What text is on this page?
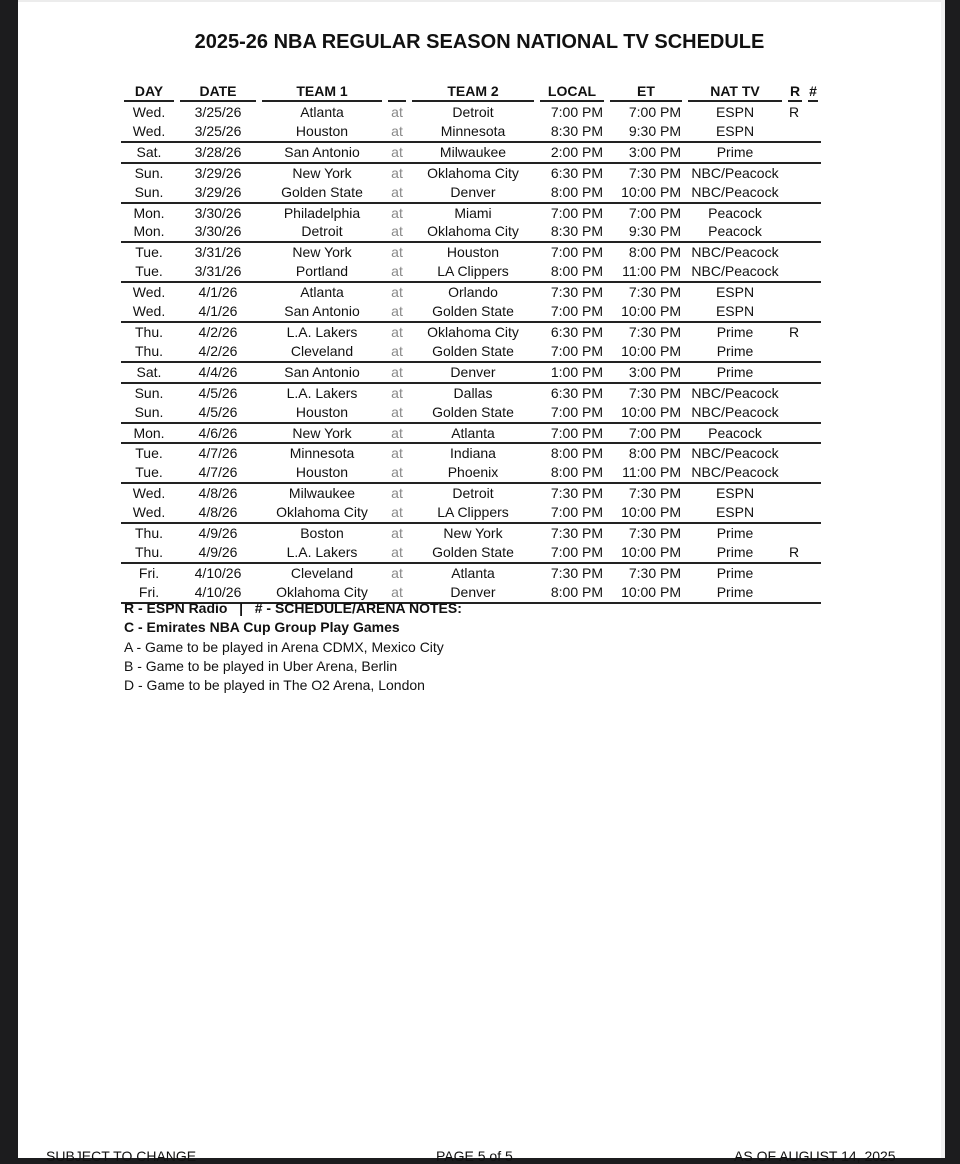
2025-26 NBA REGULAR SEASON NATIONAL TV SCHEDULE
DAY	DATE	TEAM 1		TEAM 2	LOCAL	ET	NAT TV	R	#

Wed.	3/25/26	Atlanta	at	Detroit	7:00 PM	7:00 PM	ESPN	R	
Wed.	3/25/26	Houston	at	Minnesota	8:30 PM	9:30 PM	ESPN		
Sat.	3/28/26	San Antonio	at	Milwaukee	2:00 PM	3:00 PM	Prime		
Sun.	3/29/26	New York	at	Oklahoma City	6:30 PM	7:30 PM	NBC/Peacock		
Sun.	3/29/26	Golden State	at	Denver	8:00 PM	10:00 PM	NBC/Peacock		
Mon.	3/30/26	Philadelphia	at	Miami	7:00 PM	7:00 PM	Peacock		
Mon.	3/30/26	Detroit	at	Oklahoma City	8:30 PM	9:30 PM	Peacock		
Tue.	3/31/26	New York	at	Houston	7:00 PM	8:00 PM	NBC/Peacock		
Tue.	3/31/26	Portland	at	LA Clippers	8:00 PM	11:00 PM	NBC/Peacock		
Wed.	4/1/26	Atlanta	at	Orlando	7:30 PM	7:30 PM	ESPN		
Wed.	4/1/26	San Antonio	at	Golden State	7:00 PM	10:00 PM	ESPN		
Thu.	4/2/26	L.A. Lakers	at	Oklahoma City	6:30 PM	7:30 PM	Prime	R	
Thu.	4/2/26	Cleveland	at	Golden State	7:00 PM	10:00 PM	Prime		
Sat.	4/4/26	San Antonio	at	Denver	1:00 PM	3:00 PM	Prime		
Sun.	4/5/26	L.A. Lakers	at	Dallas	6:30 PM	7:30 PM	NBC/Peacock		
Sun.	4/5/26	Houston	at	Golden State	7:00 PM	10:00 PM	NBC/Peacock		
Mon.	4/6/26	New York	at	Atlanta	7:00 PM	7:00 PM	Peacock		
Tue.	4/7/26	Minnesota	at	Indiana	8:00 PM	8:00 PM	NBC/Peacock		
Tue.	4/7/26	Houston	at	Phoenix	8:00 PM	11:00 PM	NBC/Peacock		
Wed.	4/8/26	Milwaukee	at	Detroit	7:30 PM	7:30 PM	ESPN		
Wed.	4/8/26	Oklahoma City	at	LA Clippers	7:00 PM	10:00 PM	ESPN		
Thu.	4/9/26	Boston	at	New York	7:30 PM	7:30 PM	Prime		
Thu.	4/9/26	L.A. Lakers	at	Golden State	7:00 PM	10:00 PM	Prime	R	
Fri.	4/10/26	Cleveland	at	Atlanta	7:30 PM	7:30 PM	Prime		
Fri.	4/10/26	Oklahoma City	at	Denver	8:00 PM	10:00 PM	Prime		
R - ESPN Radio   |   # - SCHEDULE/ARENA NOTES:
C - Emirates NBA Cup Group Play Games
A - Game to be played in Arena CDMX, Mexico City
B - Game to be played in Uber Arena, Berlin
D - Game to be played in The O2 Arena, London
SUBJECT TO CHANGE	PAGE 5 of 5	AS OF AUGUST 14, 2025
